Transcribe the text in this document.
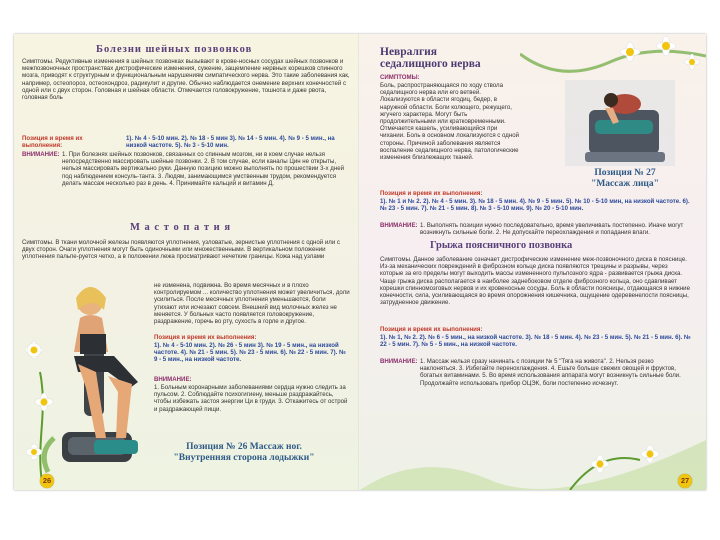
Болезни шейных позвонков
Симптомы. Редуктивные изменения в шейных позвонках вызывают в крове-носных сосудах шейных позвонков и межпозвоночных пространствах дистрофические изменения, сужение, защемление нервных корешков спинного мозга, приводят к структурным и функциональным нарушениям симпатического нерва. Это такие заболевания как, например, остеопороз, остеохондроз, радикулит и другие. Обычно наблюдается онемение верхних конечностей с одной или с двух сторон. Головная и шейная области. Отмечается головокружение, тошнота и даже рвота, головная боль
Позиция и время их выполнения:
1). № 4 - 5-10 мин. 2). № 18 - 5 мин 3). № 14 - 5 мин. 4). № 9 - 5 мин., на низкой частоте. 5). № 3 - 5-10 мин.
ВНИМАНИЕ: 1. При болезнях шейных позвонков, связанных со спинным мозгом, ни в коем случае нельзя непосредственно массировать шейные позвонки. 2. В том случае, если каналы Цин не открыты, нельзя массировать вертикально руки. Данную позицию можно выполнять по прошествии 3-х дней под наблюдением консуль-танта. 3. Людям, занимающимся умственным трудом, рекомендуется делать массаж несколько раз в день. 4. Принимайте кальций и витамин Д.
М а с т о п а т и я
Симптомы. В ткани молочной железы появляются уплотнения, узловатые, зернистые уплотнения с одной или с двух сторон. Очаги уплотнения могут быть одиночными или множественными. В вертикальном положении уплотнения пальпе-руется четко, а в положении лежа просматривают нечеткие границы. Кожа над узлами
не изменена, подвижна. Во время месячных и в плохо контролируемом ... количество уплотнения может увеличиться, доли усилиться. После месячных уплотнения уменьшаются, боли утихают или исчезают совсем. Внешний вид молочных желез не меняется. У больных часто появляется головокружение, раздражение, горечь во рту, сухость в горле и другое.
Позиция и время их выполнения:
1). № 4 - 5-10 мин. 2). № 26 - 5 мин 3). № 19 - 5 мин., на низкой частоте. 4). № 21 - 5 мин. 5). № 23 - 5 мин. 6). № 22 - 5 мин. 7). № 9 - 5 мин., на низкой частоте.
ВНИМАНИЕ:
1. Больным коронарными заболеваниями сердца нужно следить за пульсом. 2. Соблюдайте психогигиену, меньше раздражайтесь, чтобы избежать застоя энергии Ци в груди. 3. Откажитесь от острой и раздражающей пищи.
Позиция № 26 Массаж ног.
"Внутренняя сторона лодыжки"
26
Невралгия
седалищного нерва
СИМПТОМЫ:
Боль, распространяющаяся по ходу ствола седалищного нерва или его ветвей. Локализуются в области ягодиц, бедер, в наружной области. Боли колющего, режущего, жгучего характера. Могут быть продолжительными или кратковременными. Отмечается кашель, усиливающийся при чихании. Боль в основном локализуются с одной стороны. Причиной заболевания является воспаление седалищного нерва, патологические изменения близлежащих тканей.
Позиция № 27
"Массаж лица"
Позиция и время их выполнения:
1). № 1 и № 2. 2). № 4 - 5 мин. 3). № 18 - 5 мин. 4). № 9 - 5 мин. 5). № 10 - 5-10 мин, на низкой частоте. 6). № 23 - 5 мин. 7). № 21 - 5 мин. 8). № 3 - 5-10 мин. 9). № 20 - 5-10 мин.
ВНИМАНИЕ: 1. Выполнять позиции нужно последовательно, время увеличивать постепенно. Иначе могут возникнуть сильные боли. 2. Не допускайте переохлаждения и попадания влаги.
Грыжа поясничного позвонка
Симптомы. Данное заболевание означает дистрофические изменение меж-позвоночного диска в пояснице. Из-за механических повреждений в фиброзном кольце диска появляются трещины и разрывы, через которые за его пределы могут выходить массы измененного пульпозного ядра - развивается грыжа диска. Чаще грыжа диска располагается в наиболее заднебоковом отделе фиброзного кольца, оно сдавливает корешки спинномозговых нервов и их кровеносные сосуды. Боль в области поясницы, отдающаяся в нижние конечности, сила, усиливающаяся во время опорожнения кишечника, ощущение одеревенелости поясницы, затрудненное движение.
Позиция и время их выполнения:
1). № 1, № 2. 2). № 6 - 5 мин., на низкой частоте. 3). № 18 - 5 мин. 4). № 23 - 5 мин. 5). № 21 - 5 мин. 6). № 22 - 5 мин. 7). № 5 - 5 мин., на низкой частоте.
ВНИМАНИЕ: 1. Массаж нельзя сразу начинать с позиции № 5 "Тяга на живота". 2. Нельзя резко наклоняться. 3. Избегайте перенохлаждения. 4. Ешьте больше свежих овощей и фруктов, богатых витаминами. 5. Во время использования аппарата могут возникнуть сильные боли. Продолжайте использовать прибор ОЦЭК, боли постепенно исчезнут.
27
